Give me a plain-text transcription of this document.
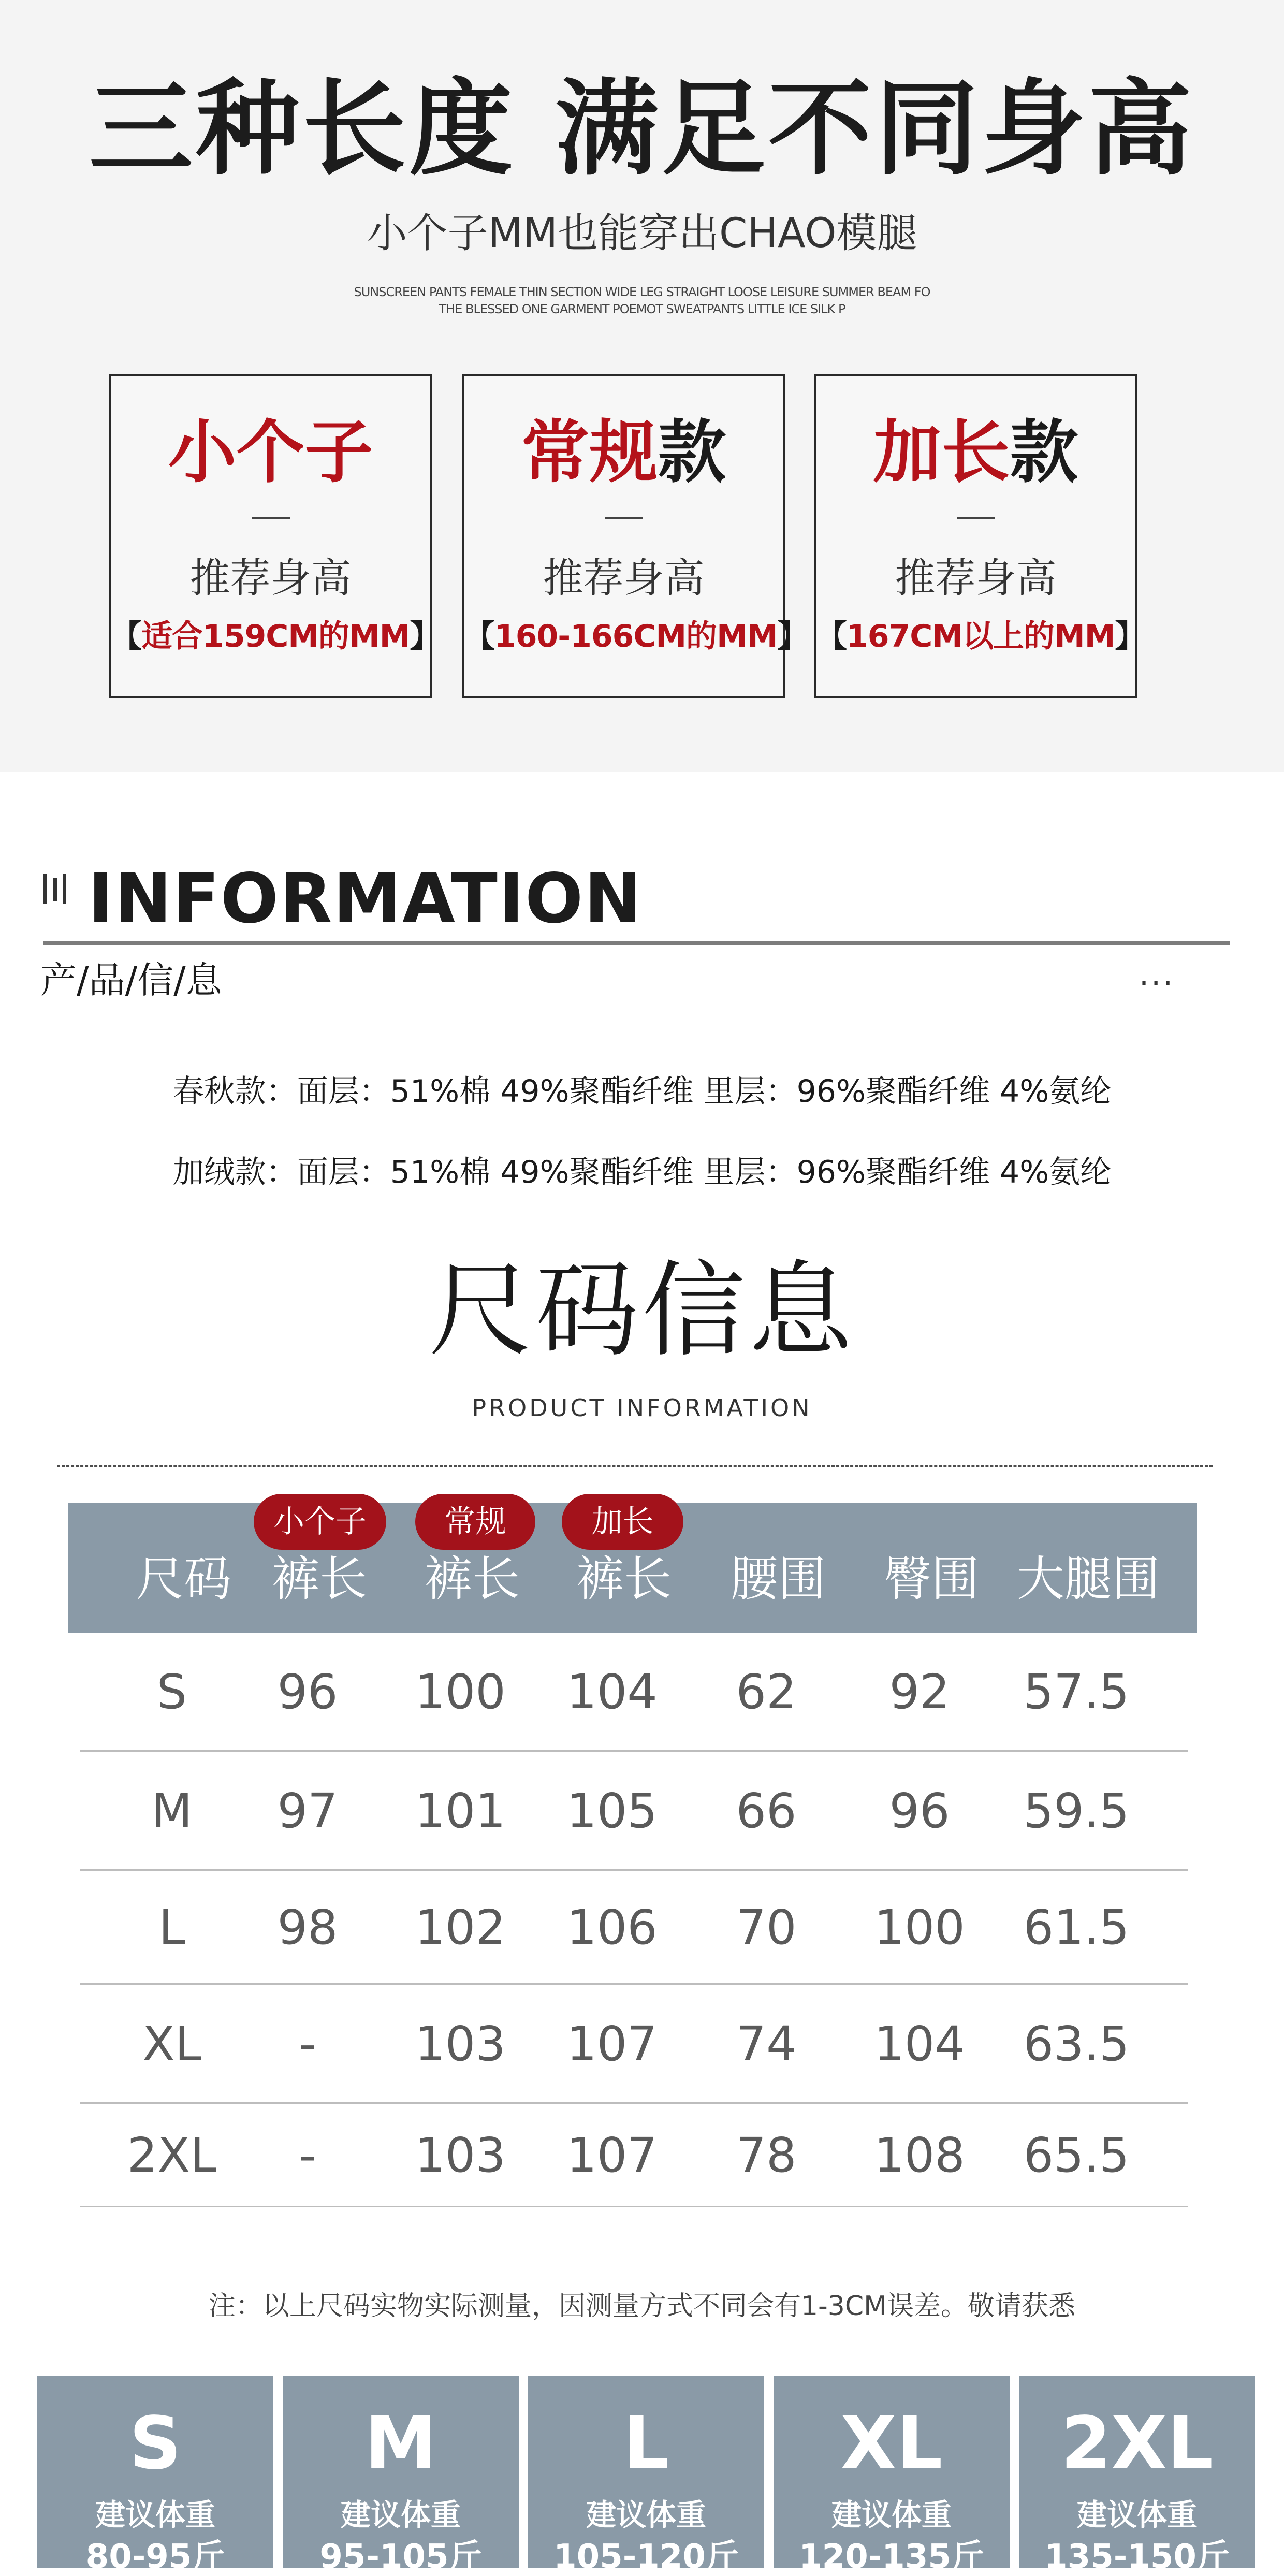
三种长度 满足不同身高
小个子MM也能穿出CHAO模腿
SUNSCREEN PANTS FEMALE THIN SECTION WIDE LEG STRAIGHT LOOSE LEISURE SUMMER BEAM FO
THE BLESSED ONE GARMENT POEMOT SWEATPANTS LITTLE ICE SILK P
小个子
推荐身高
【适合159CM的MM】
常规款
推荐身高
【160-166CM的MM】
加长款
推荐身高
【167CM以上的MM】
INFORMATION
产/品/信/息	...
春秋款：面层：51%棉 49%聚酯纤维 里层：96%聚酯纤维 4%氨纶
加绒款：面层：51%棉 49%聚酯纤维 里层：96%聚酯纤维 4%氨纶
尺码信息
PRODUCT INFORMATION
小个子	常规	加长
尺码 裤长 裤长 裤长 腰围 臀围 大腿围
S	96	100 104	62	92	57.5
M	97	101 105	66	96	59.5
L	98	102 106	70	100	61.5
XL	-	103 107	74	104	63.5
2XL	-	103 107	78	108	65.5
注：以上尺码实物实际测量，因测量方式不同会有1-3CM误差。敬请获悉
S
建议体重
80-95斤
M
建议体重
95-105斤
L
建议体重
105-120斤
XL
建议体重
120-135斤
2XL
建议体重
135-150斤
